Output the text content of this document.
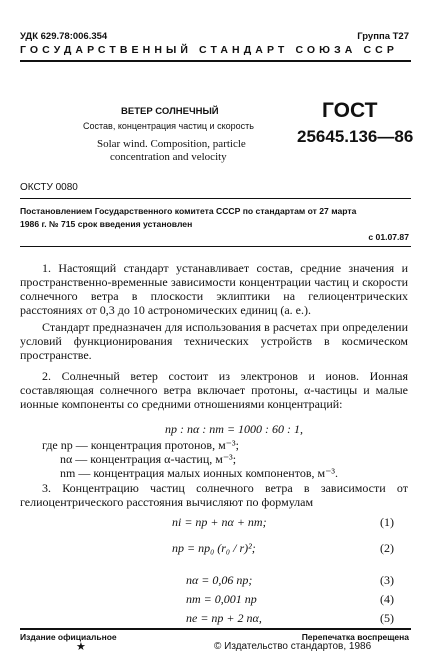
УДК 629.78:006.354	Группа Т27
ГОСУДАРСТВЕННЫЙ СТАНДАРТ СОЮЗА ССР
ВЕТЕР СОЛНЕЧНЫЙ
Состав, концентрация частиц и скорость
Solar wind. Composition, particle
concentration and velocity
ГОСТ
25645.136—86
ОКСТУ 0080
Постановлением Государственного комитета СССР по стандартам от 27 марта
1986 г. № 715 срок введения установлен
с 01.07.87
1. Настоящий стандарт устанавливает состав, средние значения и пространственно-временные зависимости концентрации частиц и скорости солнечного ветра в плоскости эклиптики на гелиоцентрических расстояниях от 0,3 до 10 астрономических единиц (а. е.).
Стандарт предназначен для использования в расчетах при определении условий функционирования технических устройств в космическом пространстве.
2. Солнечный ветер состоит из электронов и ионов. Ионная составляющая солнечного ветра включает протоны, α-частицы и малые ионные компоненты со средними отношениями концентраций:
np : nα : nm = 1000 : 60 : 1,
где np — концентрация протонов, м⁻³;
nα — концентрация α-частиц, м⁻³;
nm — концентрация малых ионных компонентов, м⁻³.
3. Концентрацию частиц солнечного ветра в зависимости от гелиоцентрического расстояния вычисляют по формулам
ni = np + nα + nm;	(1)
np = np₀ (r₀ / r)²;	(2)
nα = 0,06 np;	(3)
nm = 0,001 np	(4)
ne = np + 2 nα,	(5)
Издание официальное	Перепечатка воспрещена
★	© Издательство стандартов, 1986
